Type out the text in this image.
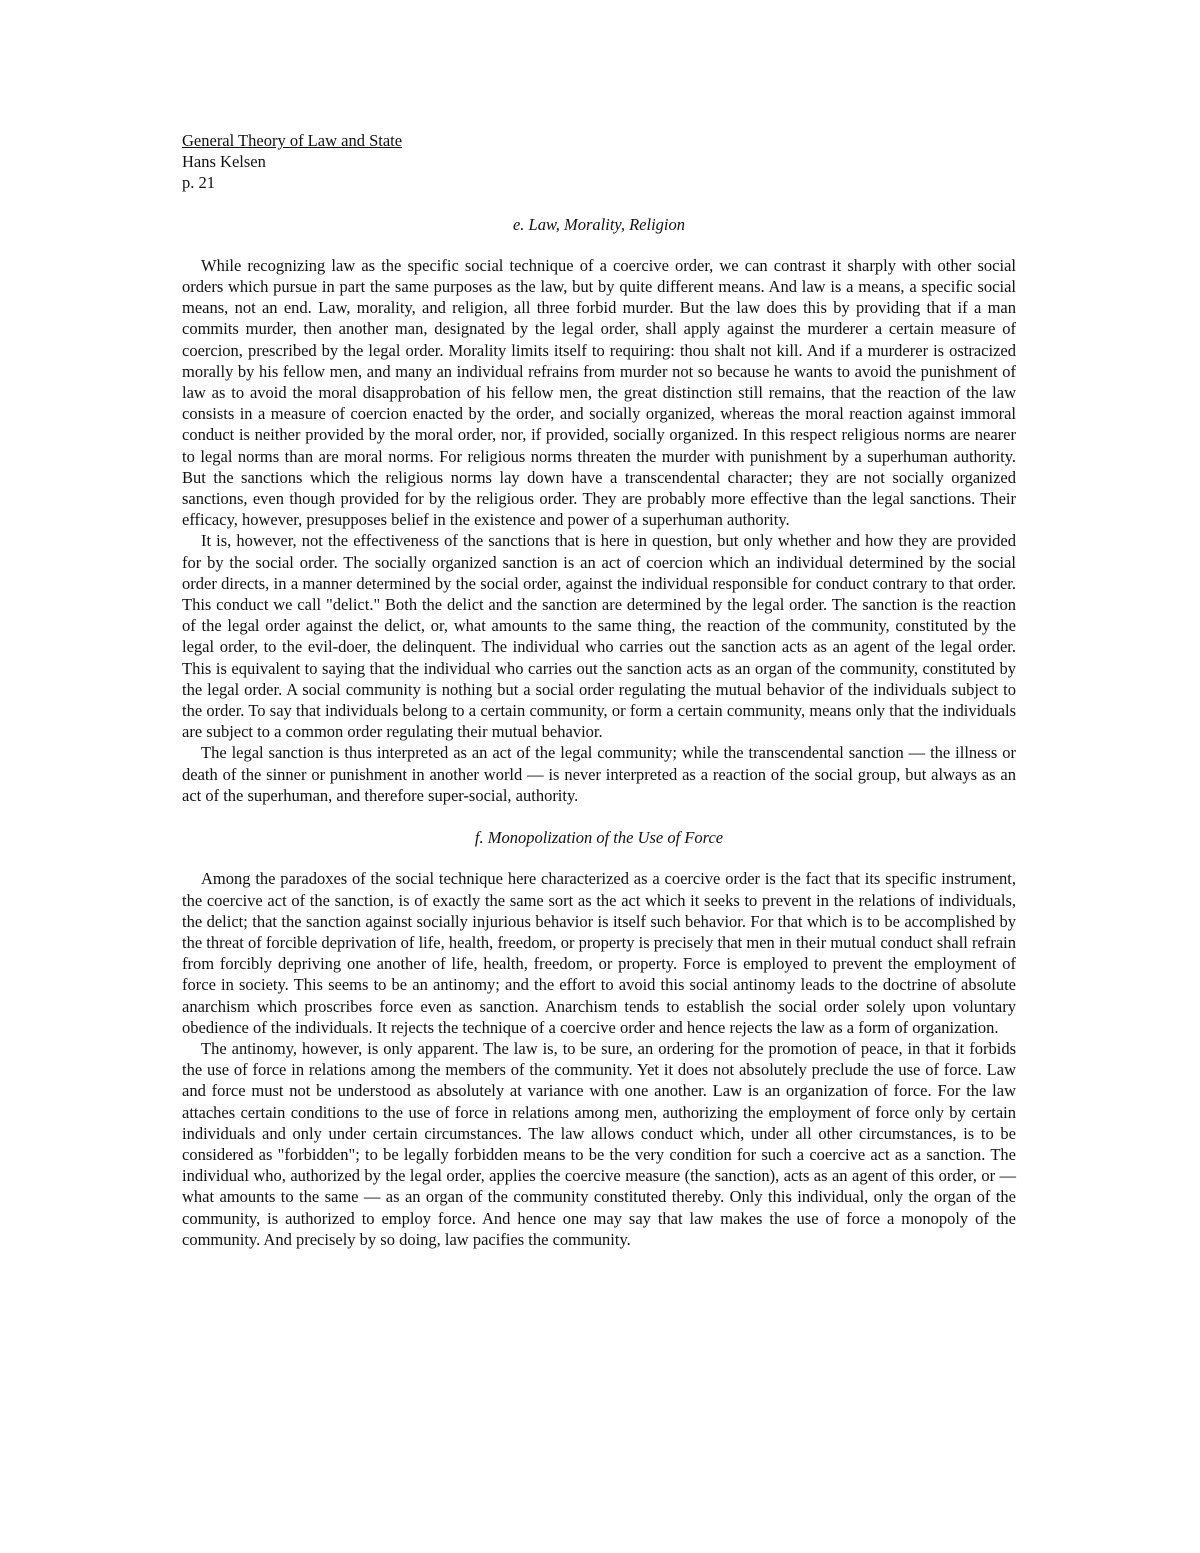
General Theory of Law and State

Hans Kelsen

p. 21

e. Law, Morality, Religion

While recognizing law as the specific social technique of a coercive order, we can contrast it sharply with other social orders which pursue in part the same purposes as the law, but by quite different means. And law is a means, a specific social means, not an end. Law, morality, and religion, all three forbid murder. But the law does this by providing that if a man commits murder, then another man, designated by the legal order, shall apply against the murderer a certain measure of coercion, prescribed by the legal order. Morality limits itself to requiring: thou shalt not kill. And if a murderer is ostracized morally by his fellow men, and many an individual refrains from murder not so because he wants to avoid the punishment of law as to avoid the moral disapprobation of his fellow men, the great distinction still remains, that the reaction of the law consists in a measure of coercion enacted by the order, and socially organized, whereas the moral reaction against immoral conduct is neither provided by the moral order, nor, if provided, socially organized. In this respect religious norms are nearer to legal norms than are moral norms. For religious norms threaten the murder with punishment by a superhuman authority. But the sanctions which the religious norms lay down have a transcendental character; they are not socially organized sanctions, even though provided for by the religious order. They are probably more effective than the legal sanctions. Their efficacy, however, presupposes belief in the existence and power of a superhuman authority.

It is, however, not the effectiveness of the sanctions that is here in question, but only whether and how they are provided for by the social order. The socially organized sanction is an act of coercion which an individual determined by the social order directs, in a manner determined by the social order, against the individual responsible for conduct contrary to that order. This conduct we call "delict." Both the delict and the sanction are determined by the legal order. The sanction is the reaction of the legal order against the delict, or, what amounts to the same thing, the reaction of the community, constituted by the legal order, to the evil-doer, the delinquent. The individual who carries out the sanction acts as an agent of the legal order. This is equivalent to saying that the individual who carries out the sanction acts as an organ of the community, constituted by the legal order. A social community is nothing but a social order regulating the mutual behavior of the individuals subject to the order. To say that individuals belong to a certain community, or form a certain community, means only that the individuals are subject to a common order regulating their mutual behavior.

The legal sanction is thus interpreted as an act of the legal community; while the transcendental sanction — the illness or death of the sinner or punishment in another world — is never interpreted as a reaction of the social group, but always as an act of the superhuman, and therefore super-social, authority.

f. Monopolization of the Use of Force

Among the paradoxes of the social technique here characterized as a coercive order is the fact that its specific instrument, the coercive act of the sanction, is of exactly the same sort as the act which it seeks to prevent in the relations of individuals, the delict; that the sanction against socially injurious behavior is itself such behavior. For that which is to be accomplished by the threat of forcible deprivation of life, health, freedom, or property is precisely that men in their mutual conduct shall refrain from forcibly depriving one another of life, health, freedom, or property. Force is employed to prevent the employment of force in society. This seems to be an antinomy; and the effort to avoid this social antinomy leads to the doctrine of absolute anarchism which proscribes force even as sanction. Anarchism tends to establish the social order solely upon voluntary obedience of the individuals. It rejects the technique of a coercive order and hence rejects the law as a form of organization.

The antinomy, however, is only apparent. The law is, to be sure, an ordering for the promotion of peace, in that it forbids the use of force in relations among the members of the community. Yet it does not absolutely preclude the use of force. Law and force must not be understood as absolutely at variance with one another. Law is an organization of force. For the law attaches certain conditions to the use of force in relations among men, authorizing the employment of force only by certain individuals and only under certain circumstances. The law allows conduct which, under all other circumstances, is to be considered as "forbidden"; to be legally forbidden means to be the very condition for such a coercive act as a sanction. The individual who, authorized by the legal order, applies the coercive measure (the sanction), acts as an agent of this order, or — what amounts to the same — as an organ of the community constituted thereby. Only this individual, only the organ of the community, is authorized to employ force. And hence one may say that law makes the use of force a monopoly of the community. And precisely by so doing, law pacifies the community.
